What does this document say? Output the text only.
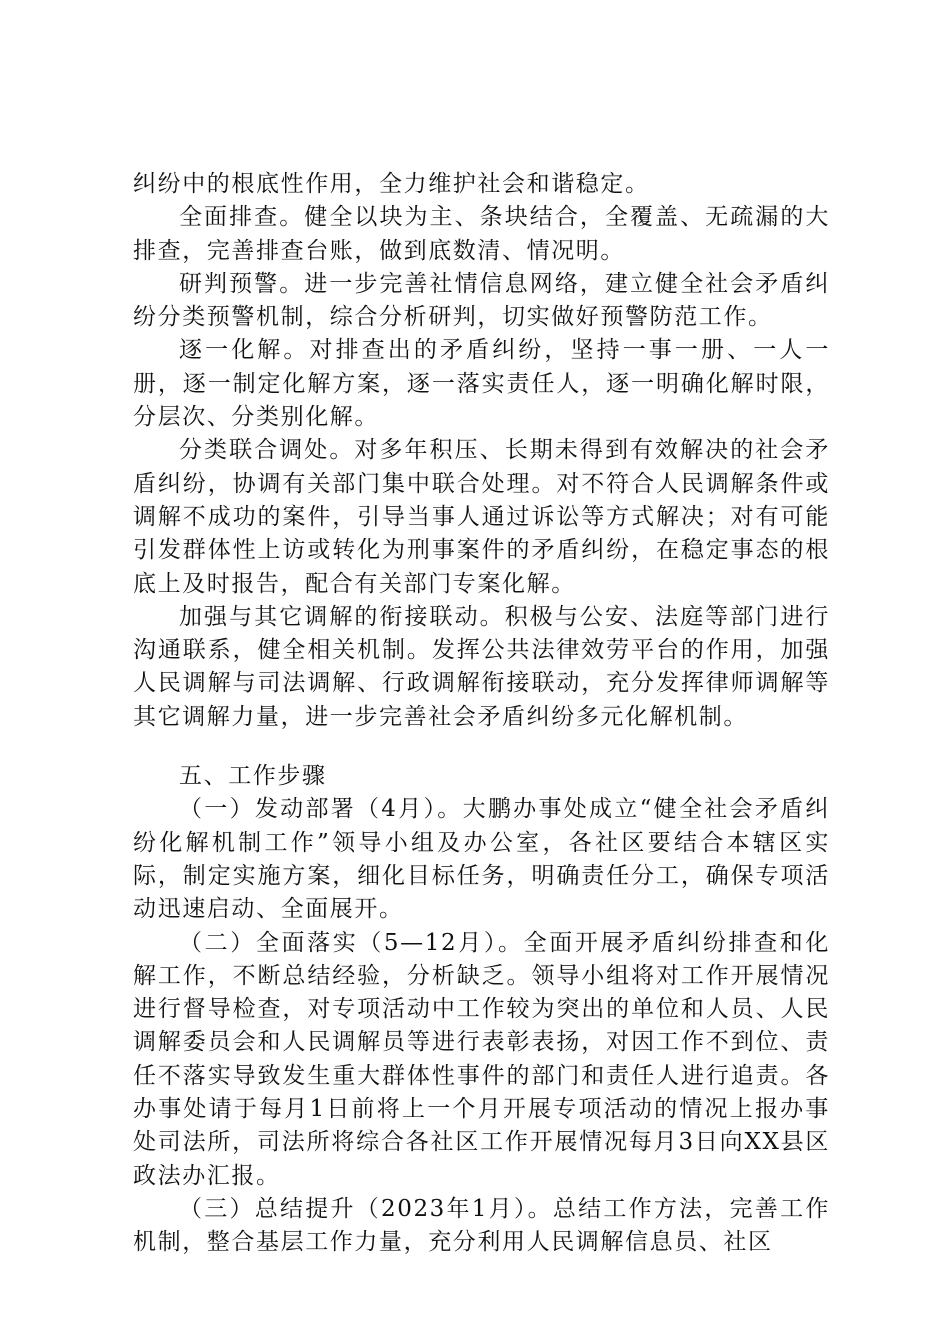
纠纷中的根底性作用，全力维护社会和谐稳定。

全面排查。健全以块为主、条块结合，全覆盖、无疏漏的大排查，完善排查台账，做到底数清、情况明。

研判预警。进一步完善社情信息网络，建立健全社会矛盾纠纷分类预警机制，综合分析研判，切实做好预警防范工作。

逐一化解。对排查出的矛盾纠纷，坚持一事一册、一人一册，逐一制定化解方案，逐一落实责任人，逐一明确化解时限，分层次、分类别化解。

分类联合调处。对多年积压、长期未得到有效解决的社会矛盾纠纷，协调有关部门集中联合处理。对不符合人民调解条件或调解不成功的案件，引导当事人通过诉讼等方式解决；对有可能引发群体性上访或转化为刑事案件的矛盾纠纷，在稳定事态的根底上及时报告，配合有关部门专案化解。

加强与其它调解的衔接联动。积极与公安、法庭等部门进行沟通联系，健全相关机制。发挥公共法律效劳平台的作用，加强人民调解与司法调解、行政调解衔接联动，充分发挥律师调解等其它调解力量，进一步完善社会矛盾纠纷多元化解机制。

五、工作步骤

（一）发动部署（4月）。大鹏办事处成立“健全社会矛盾纠纷化解机制工作”领导小组及办公室，各社区要结合本辖区实际，制定实施方案，细化目标任务，明确责任分工，确保专项活动迅速启动、全面展开。

（二）全面落实（5—12月）。全面开展矛盾纠纷排查和化解工作，不断总结经验，分析缺乏。领导小组将对工作开展情况进行督导检查，对专项活动中工作较为突出的单位和人员、人民调解委员会和人民调解员等进行表彰表扬，对因工作不到位、责任不落实导致发生重大群体性事件的部门和责任人进行追责。各办事处请于每月1日前将上一个月开展专项活动的情况上报办事处司法所，司法所将综合各社区工作开展情况每月3日向XX县区政法办汇报。

（三）总结提升（2023年1月）。总结工作方法，完善工作机制，整合基层工作力量，充分利用人民调解信息员、社区
